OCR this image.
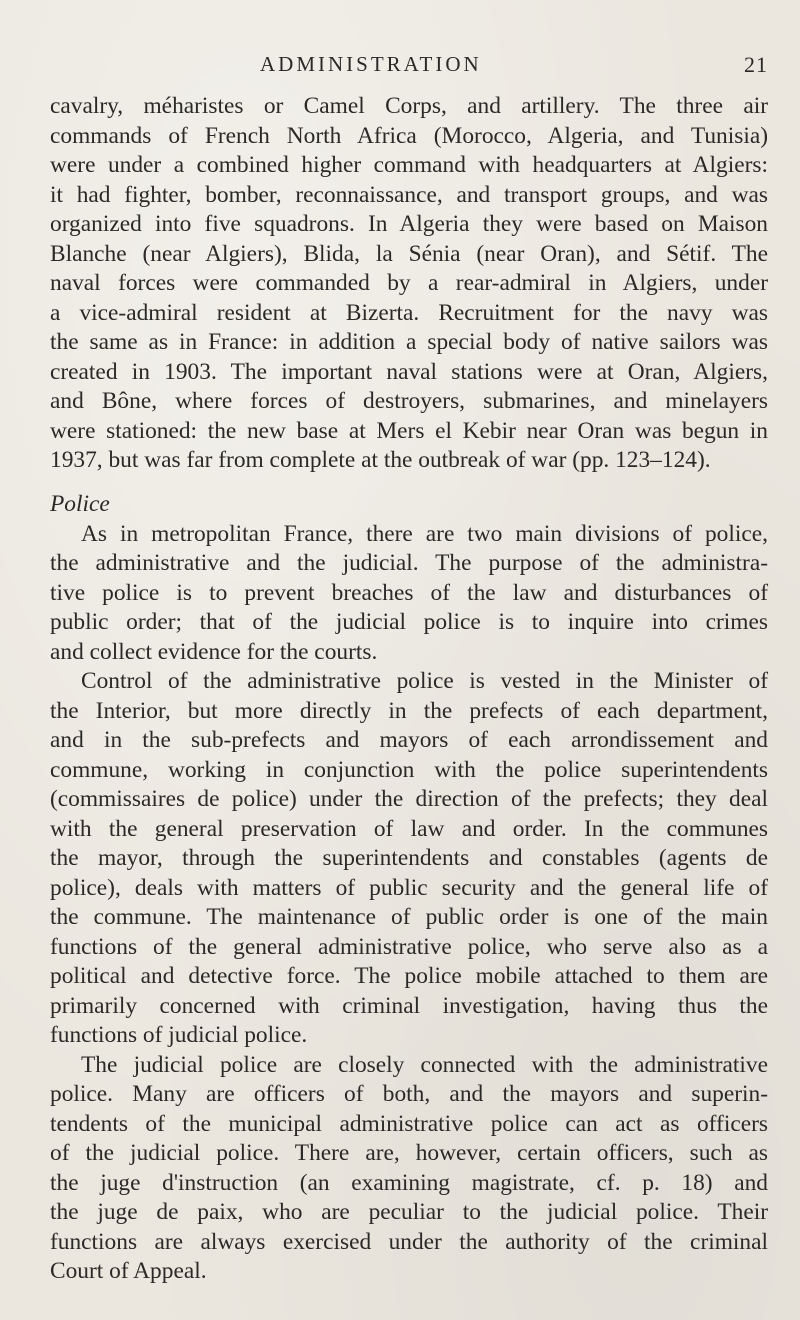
ADMINISTRATION	21
cavalry, méharistes or Camel Corps, and artillery. The three air
commands of French North Africa (Morocco, Algeria, and Tunisia)
were under a combined higher command with headquarters at Algiers:
it had fighter, bomber, reconnaissance, and transport groups, and was
organized into five squadrons. In Algeria they were based on Maison
Blanche (near Algiers), Blida, la Sénia (near Oran), and Sétif. The
naval forces were commanded by a rear-admiral in Algiers, under
a vice-admiral resident at Bizerta. Recruitment for the navy was
the same as in France: in addition a special body of native sailors was
created in 1903. The important naval stations were at Oran, Algiers,
and Bône, where forces of destroyers, submarines, and minelayers
were stationed: the new base at Mers el Kebir near Oran was begun in
1937, but was far from complete at the outbreak of war (pp. 123–124).
Police
As in metropolitan France, there are two main divisions of police,
the administrative and the judicial. The purpose of the administra-
tive police is to prevent breaches of the law and disturbances of
public order; that of the judicial police is to inquire into crimes
and collect evidence for the courts.
Control of the administrative police is vested in the Minister of
the Interior, but more directly in the prefects of each department,
and in the sub-prefects and mayors of each arrondissement and
commune, working in conjunction with the police superintendents
(commissaires de police) under the direction of the prefects; they deal
with the general preservation of law and order. In the communes
the mayor, through the superintendents and constables (agents de
police), deals with matters of public security and the general life of
the commune. The maintenance of public order is one of the main
functions of the general administrative police, who serve also as a
political and detective force. The police mobile attached to them are
primarily concerned with criminal investigation, having thus the
functions of judicial police.
The judicial police are closely connected with the administrative
police. Many are officers of both, and the mayors and superin-
tendents of the municipal administrative police can act as officers
of the judicial police. There are, however, certain officers, such as
the juge d'instruction (an examining magistrate, cf. p. 18) and
the juge de paix, who are peculiar to the judicial police. Their
functions are always exercised under the authority of the criminal
Court of Appeal.
